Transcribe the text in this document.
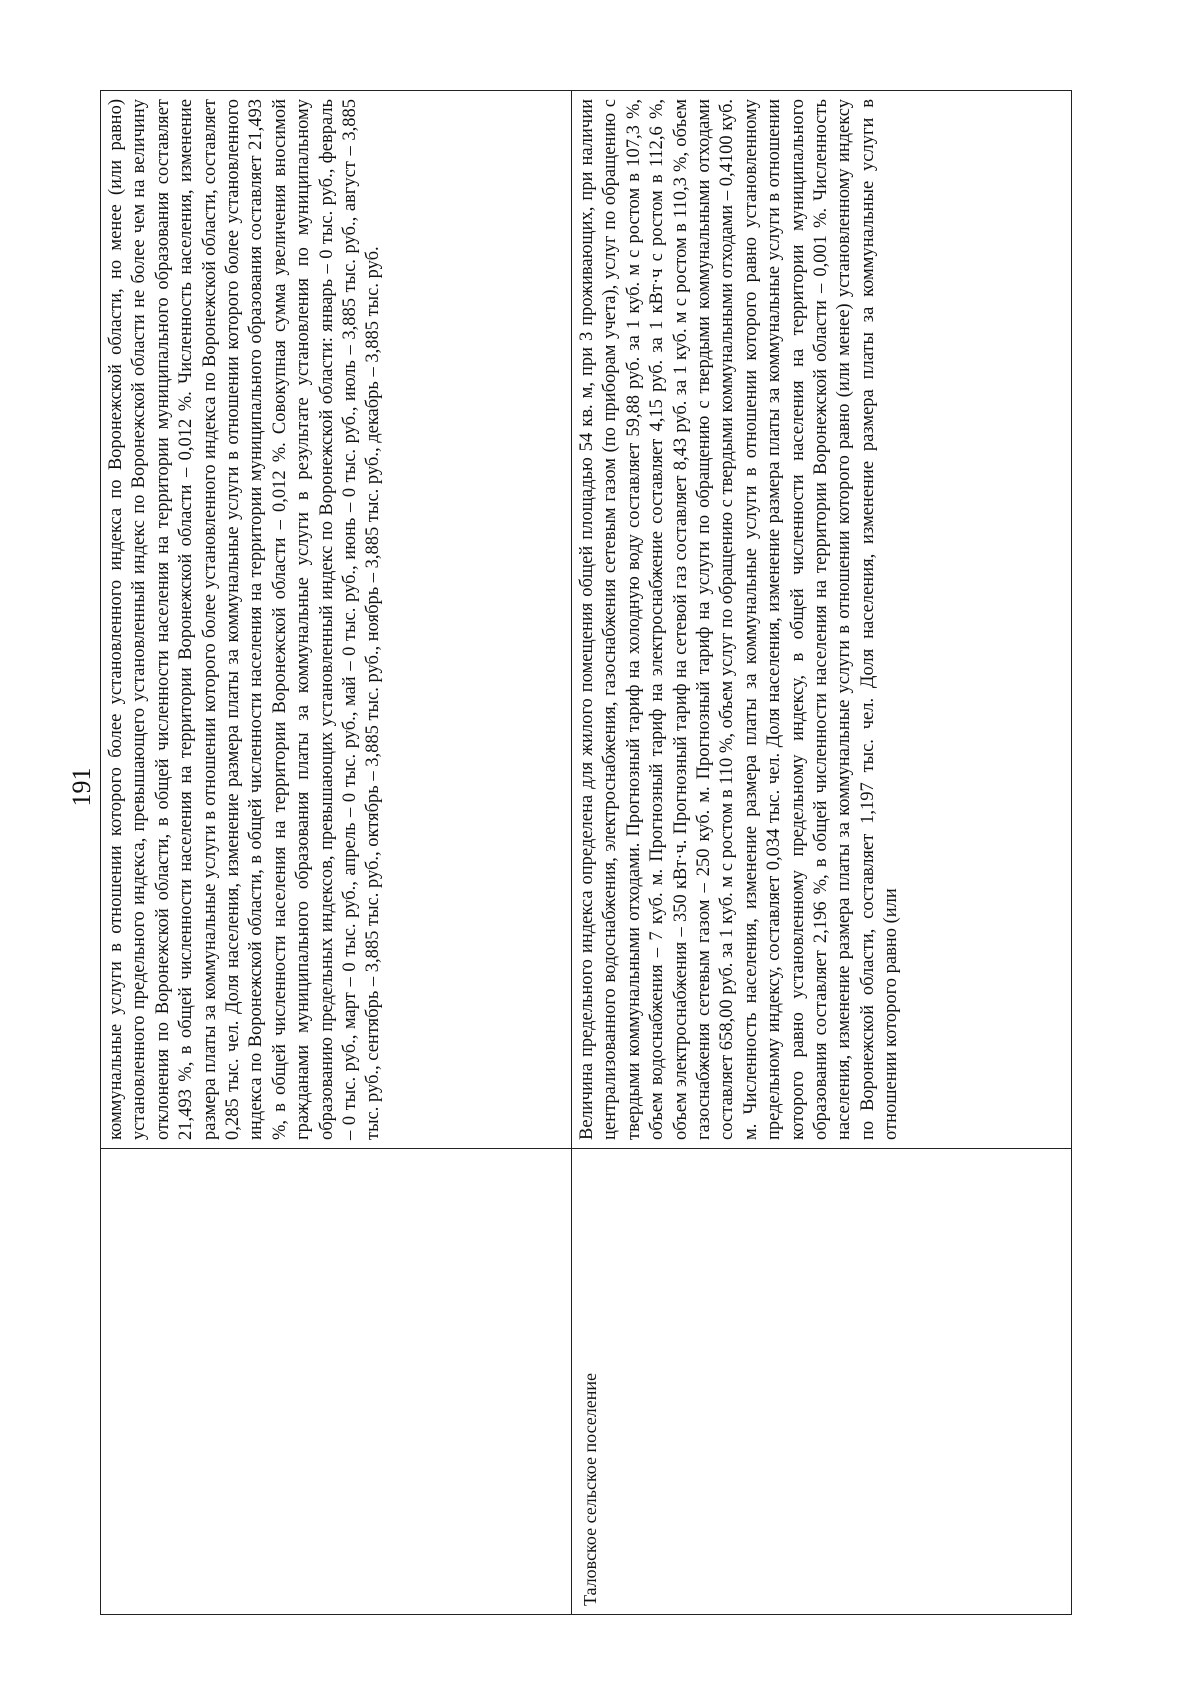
191 коммунальные услуги в отношении которого более установленного индекса по Воронежской области, но менее (или равно) установленного предельного индекса, превышающего установленный индекс по Воронежской области не более чем на величину отклонения по Воронежской области, в общей численности населения на территории муниципального образования составляет 21,493 %, в общей численности населения на территории Воронежской области – 0,012 %. Численность населения, изменение размера платы за коммунальные услуги в отношении которого более установленного индекса по Воронежской области, составляет 0,285 тыс. чел. Доля населения, изменение размера платы за коммунальные услуги в отношении которого более установленного индекса по Воронежской области, в общей численности населения на территории муниципального образования составляет 21,493 %, в общей численности населения на территории Воронежской области – 0,012 %. Совокупная сумма увеличения вносимой гражданами муниципального образования платы за коммунальные услуги в результате установления по муниципальному образованию предельных индексов, превышающих установленный индекс по Воронежской области: январь – 0 тыс. руб., февраль – 0 тыс. руб., март – 0 тыс. руб., апрель – 0 тыс. руб., май – 0 тыс. руб., июнь – 0 тыс. руб., июль – 3,885 тыс. руб., август – 3,885 тыс. руб., сентябрь – 3,885 тыс. руб., октябрь – 3,885 тыс. руб., ноябрь – 3,885 тыс. руб., декабрь – 3,885 тыс. руб.

Таловское сельское поселение

Величина предельного индекса определена для жилого помещения общей площадью 54 кв. м, при 3 проживающих, при наличии централизованного водоснабжения, электроснабжения, газоснабжения сетевым газом (по приборам учета), услуг по обращению с твердыми коммунальными отходами. Прогнозный тариф на холодную воду составляет 59,88 руб. за 1 куб. м с ростом в 107,3 %, объем водоснабжения – 7 куб. м. Прогнозный тариф на электроснабжение составляет 4,15 руб. за 1 кВт·ч с ростом в 112,6 %, объем электроснабжения – 350 кВт·ч. Прогнозный тариф на сетевой газ составляет 8,43 руб. за 1 куб. м с ростом в 110,3 %, объем газоснабжения сетевым газом – 250 куб. м. Прогнозный тариф на услуги по обращению с твердыми коммунальными отходами составляет 658,00 руб. за 1 куб. м с ростом в 110 %, объем услуг по обращению с твердыми коммунальными отходами – 0,4100 куб. м. Численность населения, изменение размера платы за коммунальные услуги в отношении которого равно установленному предельному индексу, составляет 0,034 тыс. чел. Доля населения, изменение размера платы за коммунальные услуги в отношении которого равно установленному предельному индексу, в общей численности населения на территории муниципального образования составляет 2,196 %, в общей численности населения на территории Воронежской области – 0,001 %. Численность населения, изменение размера платы за коммунальные услуги в отношении которого равно (или менее) установленному индексу по Воронежской области, составляет 1,197 тыс. чел. Доля населения, изменение размера платы за коммунальные услуги в отношении которого равно (или
